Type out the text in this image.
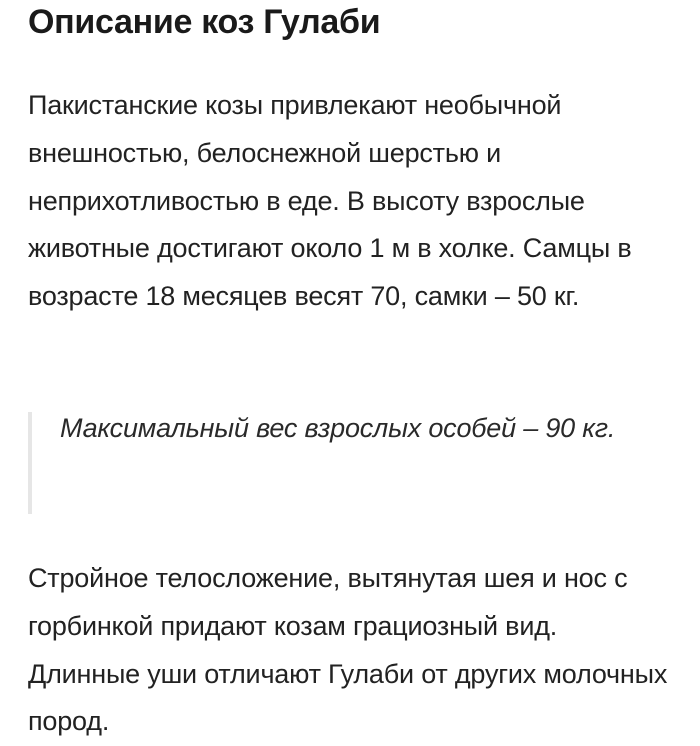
Описание коз Гулаби

Пакистанские козы привлекают необычной внешностью, белоснежной шерстью и неприхотливостью в еде. В высоту взрослые животные достигают около 1 м в холке. Самцы в возрасте 18 месяцев весят 70, самки – 50 кг.

Максимальный вес взрослых особей – 90 кг.

Стройное телосложение, вытянутая шея и нос с горбинкой придают козам грациозный вид. Длинные уши отличают Гулаби от других молочных пород.
